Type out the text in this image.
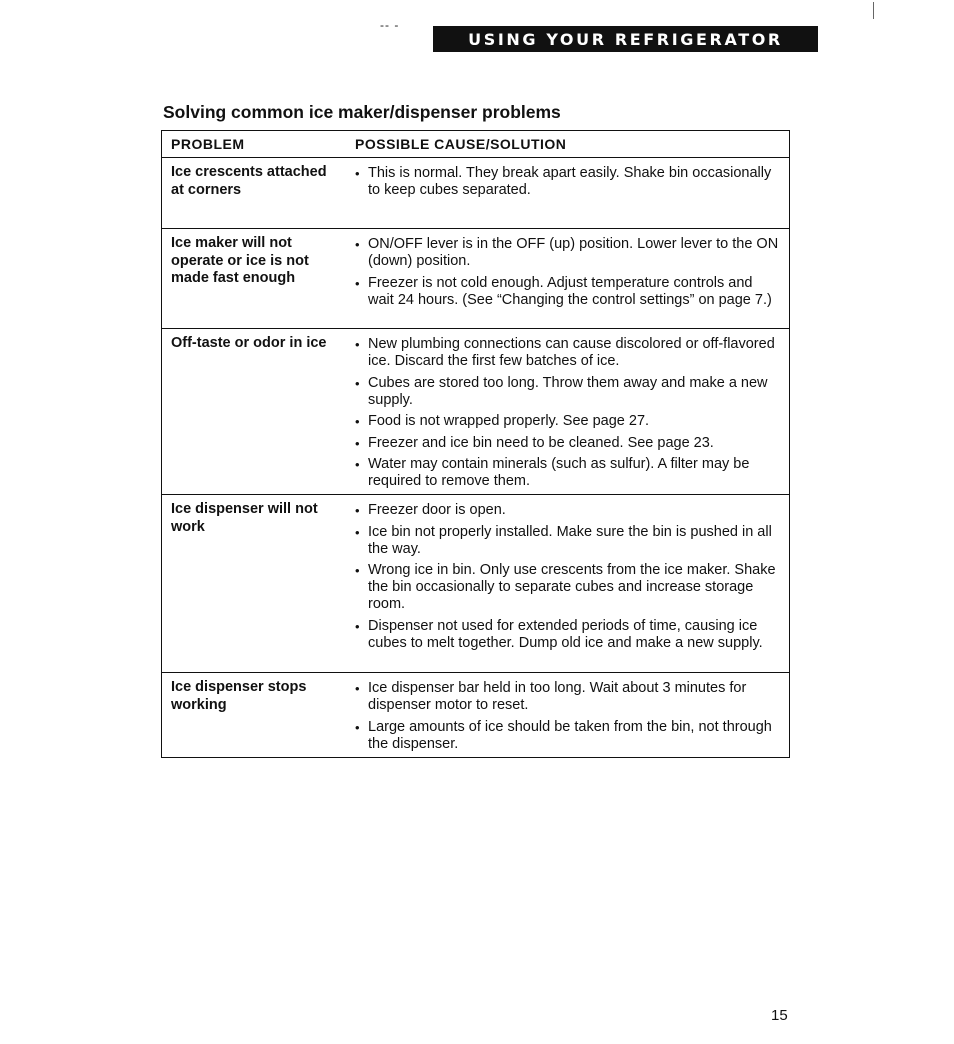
-- -
USING YOUR REFRIGERATOR
Solving common ice maker/dispenser problems
PROBLEM	POSSIBLE CAUSE/SOLUTION
Ice crescents attached at corners
• This is normal. They break apart easily. Shake bin occasionally to keep cubes separated.
Ice maker will not operate or ice is not made fast enough
• ON/OFF lever is in the OFF (up) position. Lower lever to the ON (down) position.
• Freezer is not cold enough. Adjust temperature controls and wait 24 hours. (See “Changing the control settings” on page 7.)
Off-taste or odor in ice	• New plumbing connections can cause discolored or off-flavored ice. Discard the first few batches of ice.
• Cubes are stored too long. Throw them away and make a new supply.
• Food is not wrapped properly. See page 27.
• Freezer and ice bin need to be cleaned. See page 23.
• Water may contain minerals (such as sulfur). A filter may be required to remove them.
Ice dispenser will not work
• Freezer door is open.
• Ice bin not properly installed. Make sure the bin is pushed in all the way.
• Wrong ice in bin. Only use crescents from the ice maker. Shake the bin occasionally to separate cubes and increase storage room.
• Dispenser not used for extended periods of time, causing ice cubes to melt together. Dump old ice and make a new supply.
Ice dispenser stops working
• Ice dispenser bar held in too long. Wait about 3 minutes for dispenser motor to reset.
• Large amounts of ice should be taken from the bin, not through the dispenser.
15
